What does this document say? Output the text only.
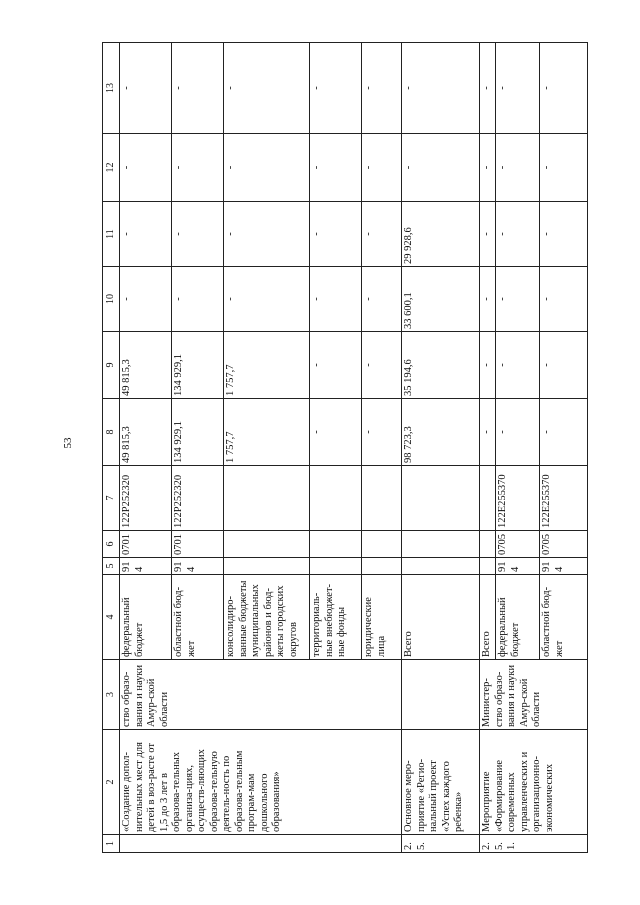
53
1	2	3	4	5	6	7	8	9	10	11	12	13
	«Создание допол-нительных мест для детей в воз-расте от 1,5 до 3 лет в образова-тельных организа-циях, осуществ-ляющих образова-тельную деятель-ность по образова-тельным програм-мам дошкольного образования»	ство образо-вания и науки Амур-ской области	федеральный бюджет	914	0701	122P252320	49 815,3	49 815,3	-	-	-	-
			областной бюд-жет	914	0701	122P252320	134 929,1	134 929,1	-	-	-	-
			консолидиро-ванные бюджеты муниципальных районов и бюд-жеты городских округов				1 757,7	1 757,7	-	-	-	-
			территориаль-ные внебюджет-ные фонды				-	-	-	-	-	-
			юридические лица				-	-	-	-	-	-
2.5.	Основное меро-приятие «Регио-нальный проект «Успех каждого ребенка»		Всего				98 723,3	35 194,6	33 600,1	29 928,6	-	-
2.5.1.	Мероприятие «Формирование современных управленческих и организационно-экономических	Министер-ство образо-вания и науки Амур-ской области	Всего				-	-	-	-	-	-
			федеральный бюджет	914	0705	122E255370	-	-	-	-	-	-
			областной бюд-жет	914	0705	122E255370	-	-	-	-	-	-
